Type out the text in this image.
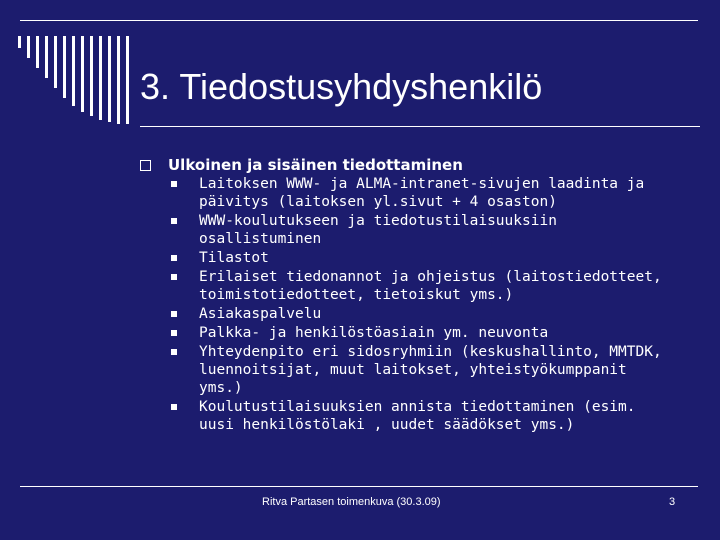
3. Tiedostusyhdyshenkilö
Ulkoinen ja sisäinen tiedottaminen
Laitoksen WWW- ja ALMA-intranet-sivujen laadinta ja päivitys (laitoksen yl.sivut + 4 osaston)
WWW-koulutukseen ja tiedotustilaisuuksiin osallistuminen
Tilastot
Erilaiset tiedonannot ja ohjeistus (laitostiedotteet, toimistotiedotteet, tietoiskut yms.)
Asiakaspalvelu
Palkka- ja henkilöstöasiain ym. neuvonta
Yhteydenpito eri sidosryhmiin (keskushallinto, MMTDK, luennoitsijat, muut laitokset, yhteistyökumppanit yms.)
Koulutustilaisuuksien annista tiedottaminen (esim. uusi henkilöstölaki , uudet säädökset yms.)
Ritva Partasen toimenkuva (30.3.09)	3
